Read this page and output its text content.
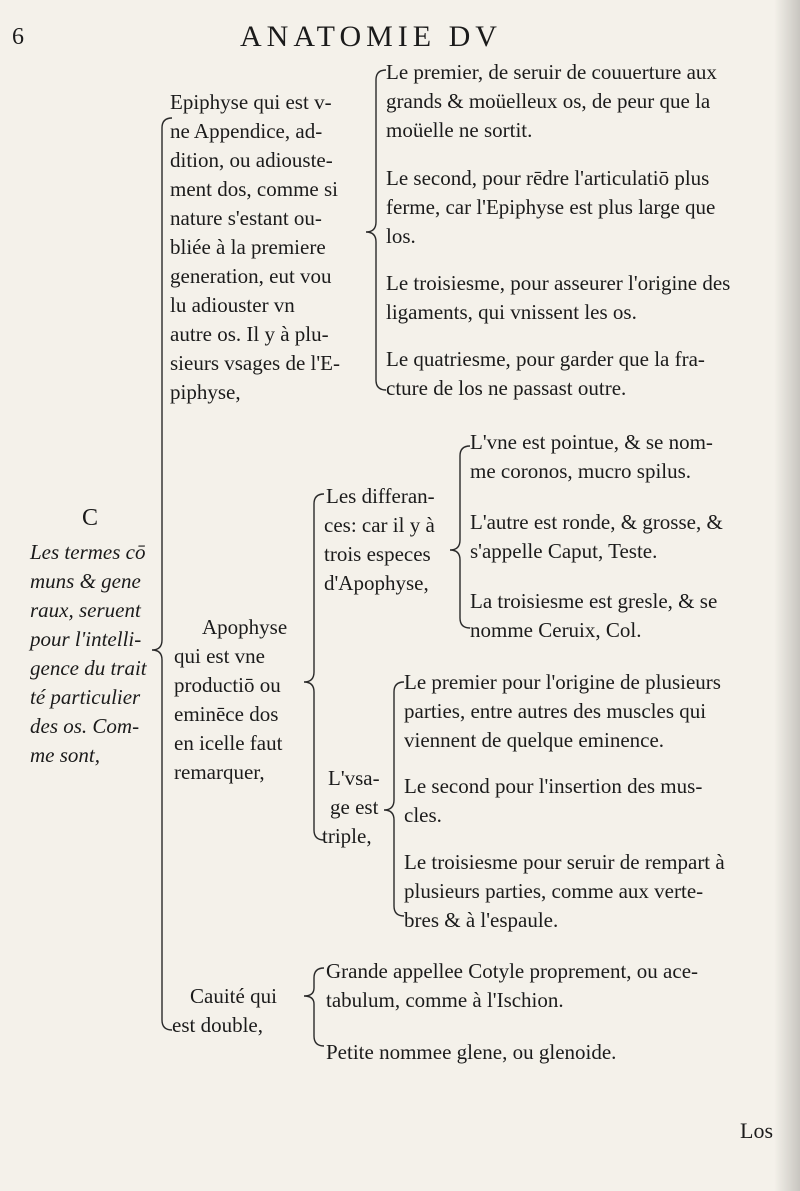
6	ANATOMIE DV
C
Los
Les termes cō
muns & gene
raux, seruent
pour l'intelli-
gence du trait
té particulier
des os. Com-
me sont,
Epiphyse qui est v-
ne Appendice, ad-
dition, ou adiouste-
ment dos, comme si
nature s'estant ou-
bliée à la premiere
generation, eut vou
lu adiouster vn
autre os. Il y à plu-
sieurs vsages de l'E-
piphyse,
Le premier, de seruir de couuerture aux
grands & moüelleux os, de peur que la
moüelle ne sortit.
Le second, pour rēdre l'articulatiō plus
ferme, car l'Epiphyse est plus large que
los.
Le troisiesme, pour asseurer l'origine des
ligaments, qui vnissent les os.
Le quatriesme, pour garder que la fra-
cture de los ne passast outre.
Apophyse
qui est vne
productiō ou
eminēce dos
en icelle faut
remarquer,
Les differan-
ces: car il y à
trois especes
d'Apophyse,
L'vne est pointue, & se nom-
me coronos, mucro spilus.
L'autre est ronde, & grosse, &
s'appelle Caput, Teste.
La troisiesme est gresle, & se
nomme Ceruix, Col.
L'vsa-
ge est
triple,
Le premier pour l'origine de plusieurs
parties, entre autres des muscles qui
viennent de quelque eminence.
Le second pour l'insertion des mus-
cles.
Le troisiesme pour seruir de rempart à
plusieurs parties, comme aux verte-
bres & à l'espaule.
Cauité qui
est double,
Grande appellee Cotyle proprement, ou ace-
tabulum, comme à l'Ischion.
Petite nommee glene, ou glenoide.
